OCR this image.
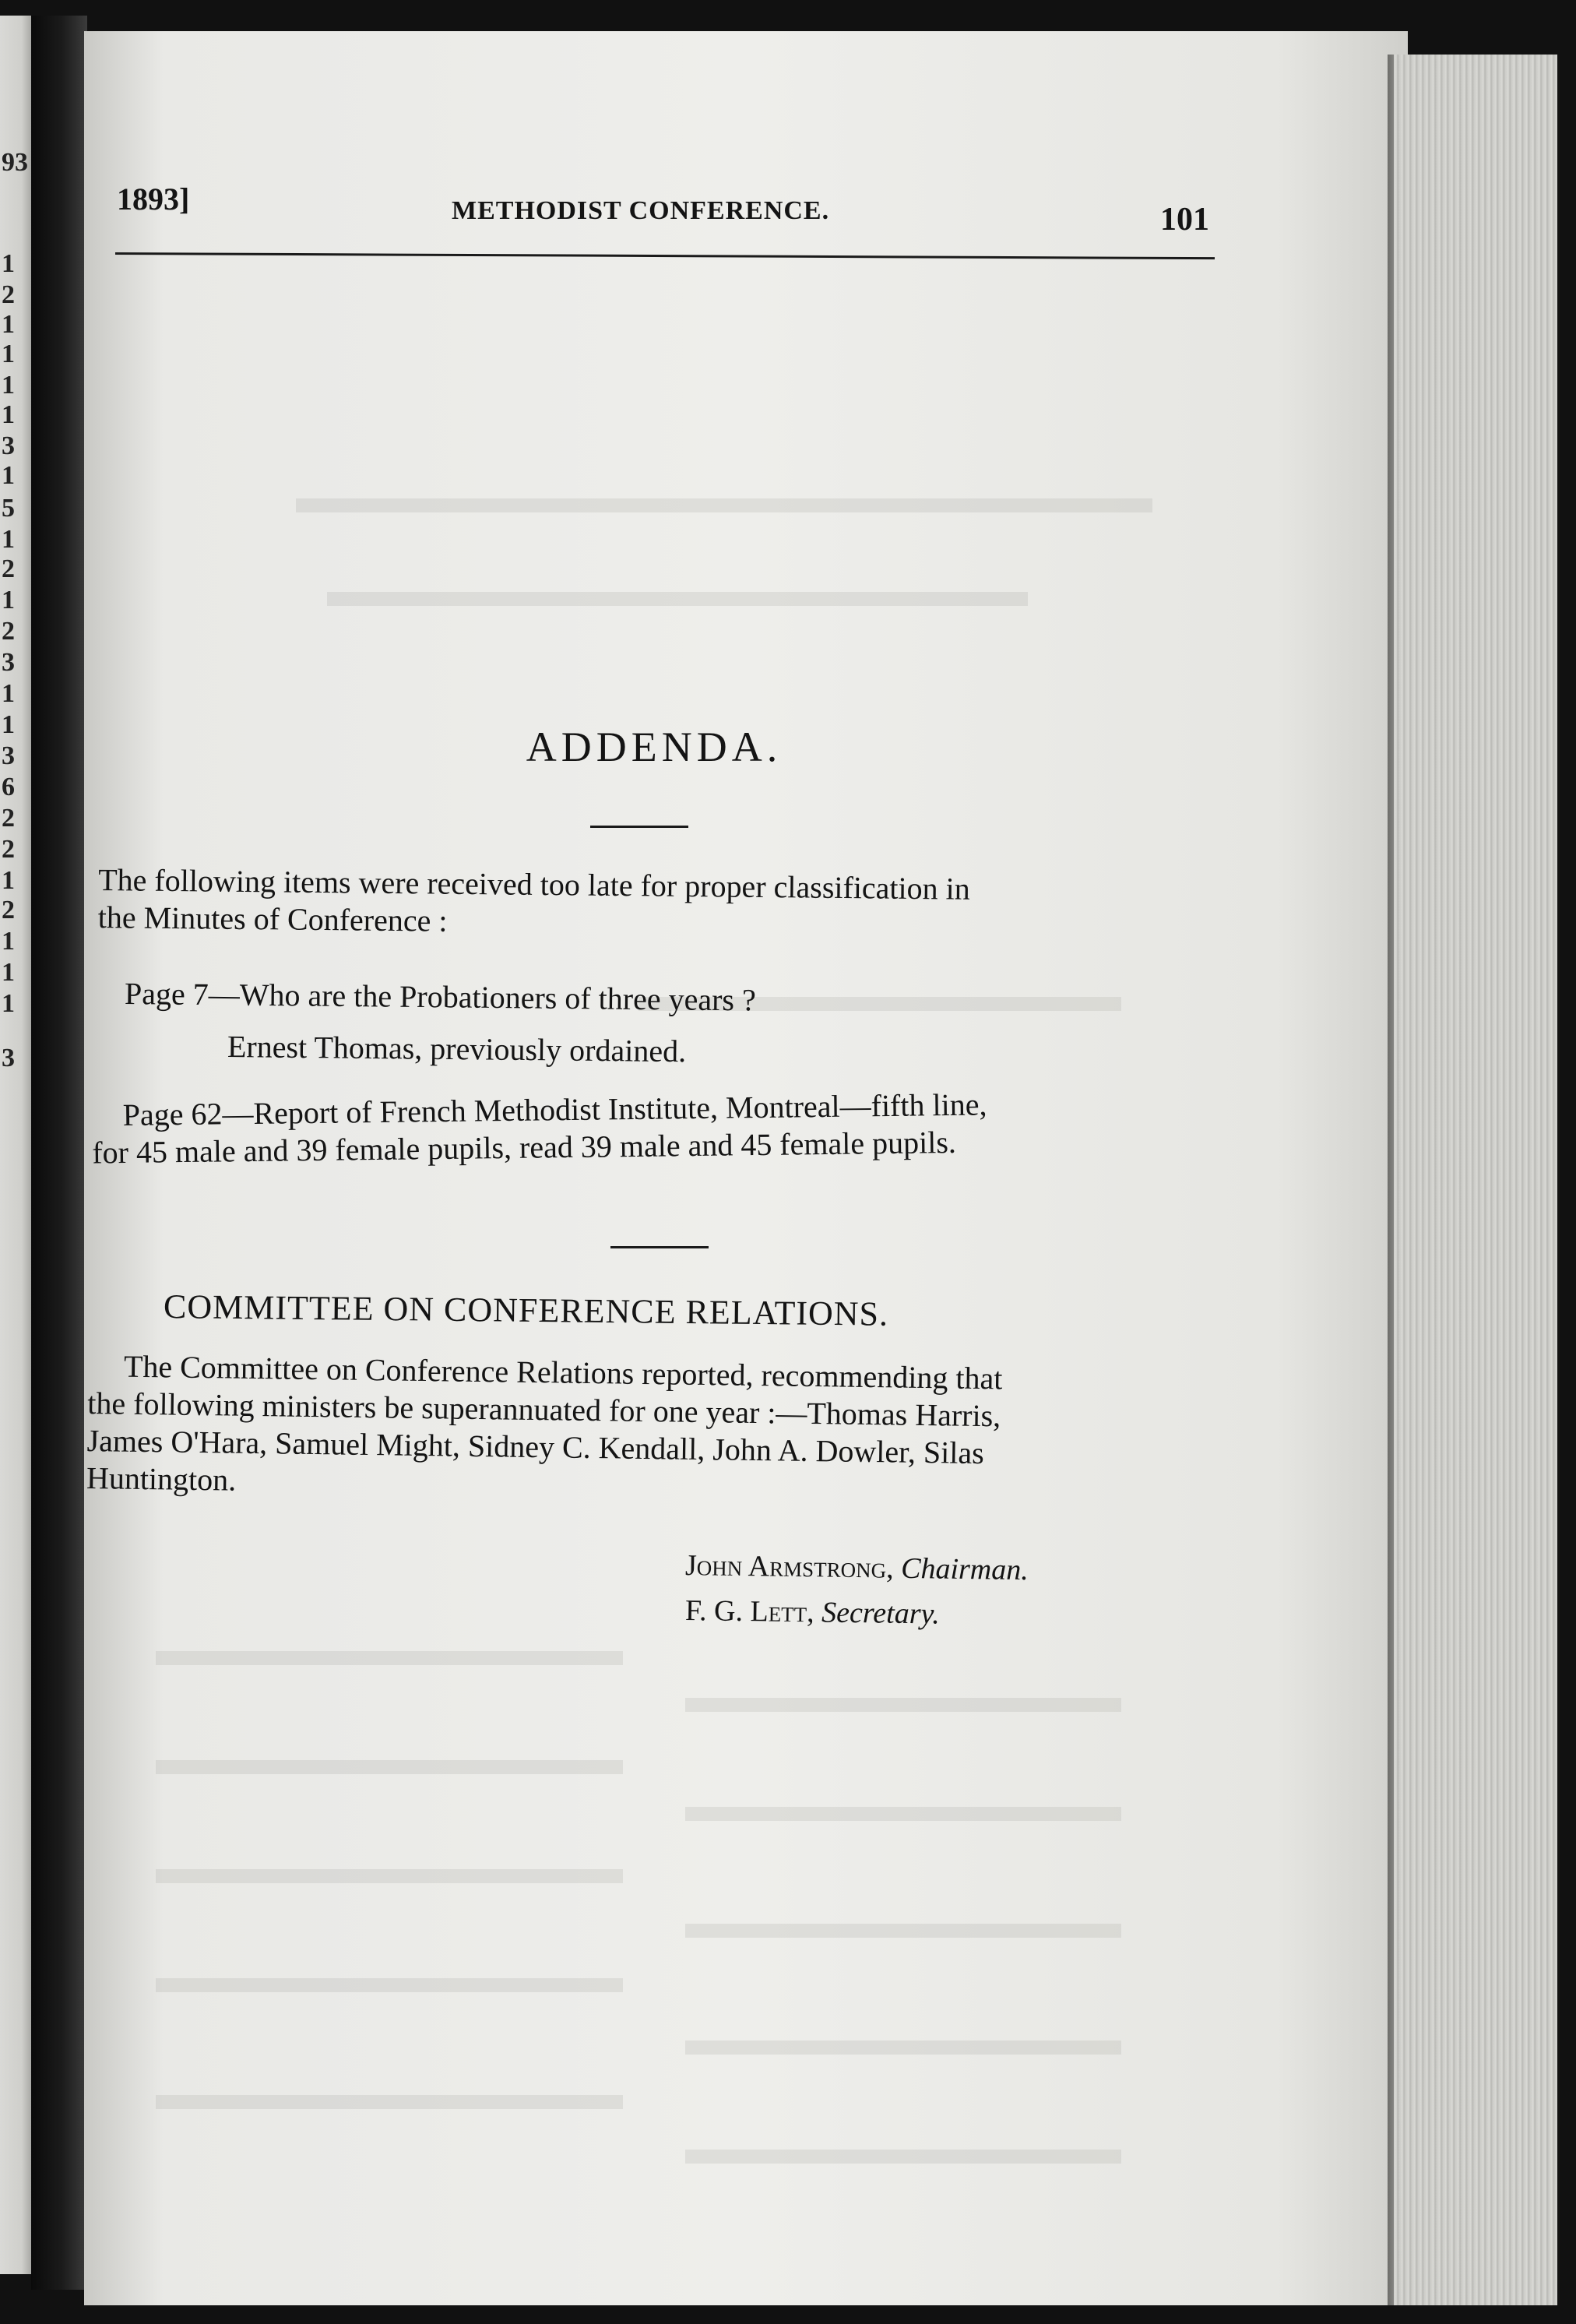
93
1
2
1
1
1
1
3
1
5
1
2
1
2
3
1
1
3
6
2
2
1
2
1
1
1
3

1893]	METHODIST CONFERENCE.	101

ADDENDA.

The following items were received too late for proper classification in
the Minutes of Conference :

Page 7—Who are the Probationers of three years ?

Ernest Thomas, previously ordained.

Page 62—Report of French Methodist Institute, Montreal—fifth line,
for 45 male and 39 female pupils, read 39 male and 45 female pupils.

COMMITTEE ON CONFERENCE RELATIONS.

The Committee on Conference Relations reported, recommending that
the following ministers be superannuated for one year :—Thomas Harris,
James O'Hara, Samuel Might, Sidney C. Kendall, John A. Dowler, Silas
Huntington.

John Armstrong, Chairman.

F. G. Lett, Secretary.
